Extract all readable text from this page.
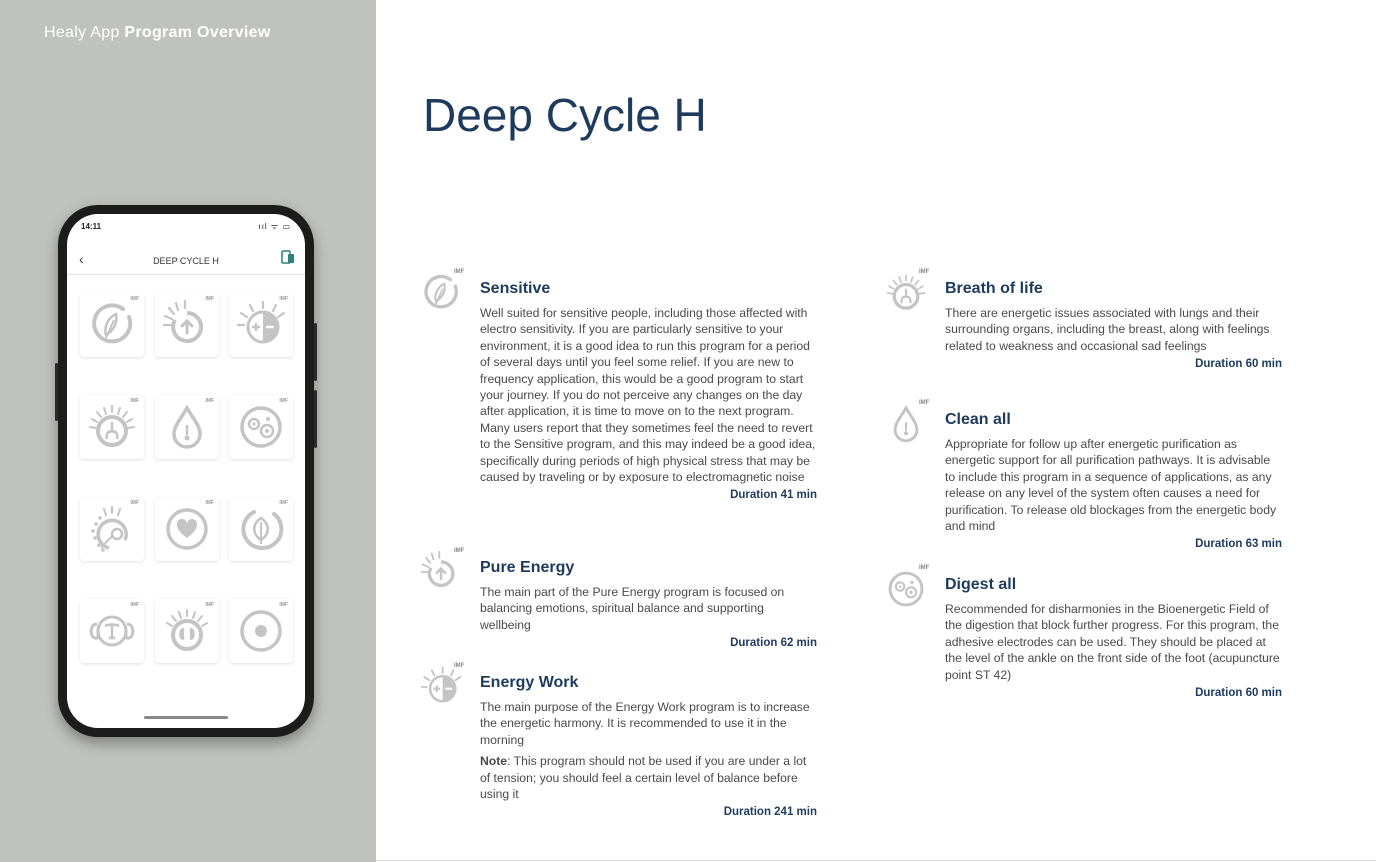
Healy App Program Overview
14:11	ııl ᯤ ▭
‹	DEEP CYCLE H
IMF	IMF	IMF
IMF	IMF	IMF
IMF	IMF	IMF
IMF	IMF	IMF
Deep Cycle H
IMF
Sensitive

Well suited for sensitive people, including those affected with electro sensitivity. If you are particularly sensitive to your environment, it is a good idea to run this program for a period of several days until you feel some relief. If you are new to frequency application, this would be a good program to start your journey. If you do not perceive any changes on the day after application, it is time to move on to the next program. Many users report that they sometimes feel the need to revert to the Sensitive program, and this may indeed be a good idea, specifically during periods of high physical stress that may be caused by traveling or by exposure to electromagnetic noise

Duration 41 min

IMF
Pure Energy

The main part of the Pure Energy program is focused on balancing emotions, spiritual balance and supporting wellbeing

Duration 62 min

IMF
Energy Work

The main purpose of the Energy Work program is to increase the energetic harmony. It is recommended to use it in the morning

Note: This program should not be used if you are under a lot of tension; you should feel a certain level of balance before using it

Duration 241 min

IMF
Breath of life

There are energetic issues associated with lungs and their surrounding organs, including the breast, along with feelings related to weakness and occasional sad feelings

Duration 60 min

IMF
Clean all

Appropriate for follow up after energetic purification as energetic support for all purification pathways. It is advisable to include this program in a sequence of applications, as any release on any level of the system often causes a need for purification. To release old blockages from the energetic body and mind

Duration 63 min

IMF
Digest all

Recommended for disharmonies in the Bioenergetic Field of the digestion that block further progress. For this program, the adhesive electrodes can be used. They should be placed at the level of the ankle on the front side of the foot (acupuncture point ST 42)

Duration 60 min
